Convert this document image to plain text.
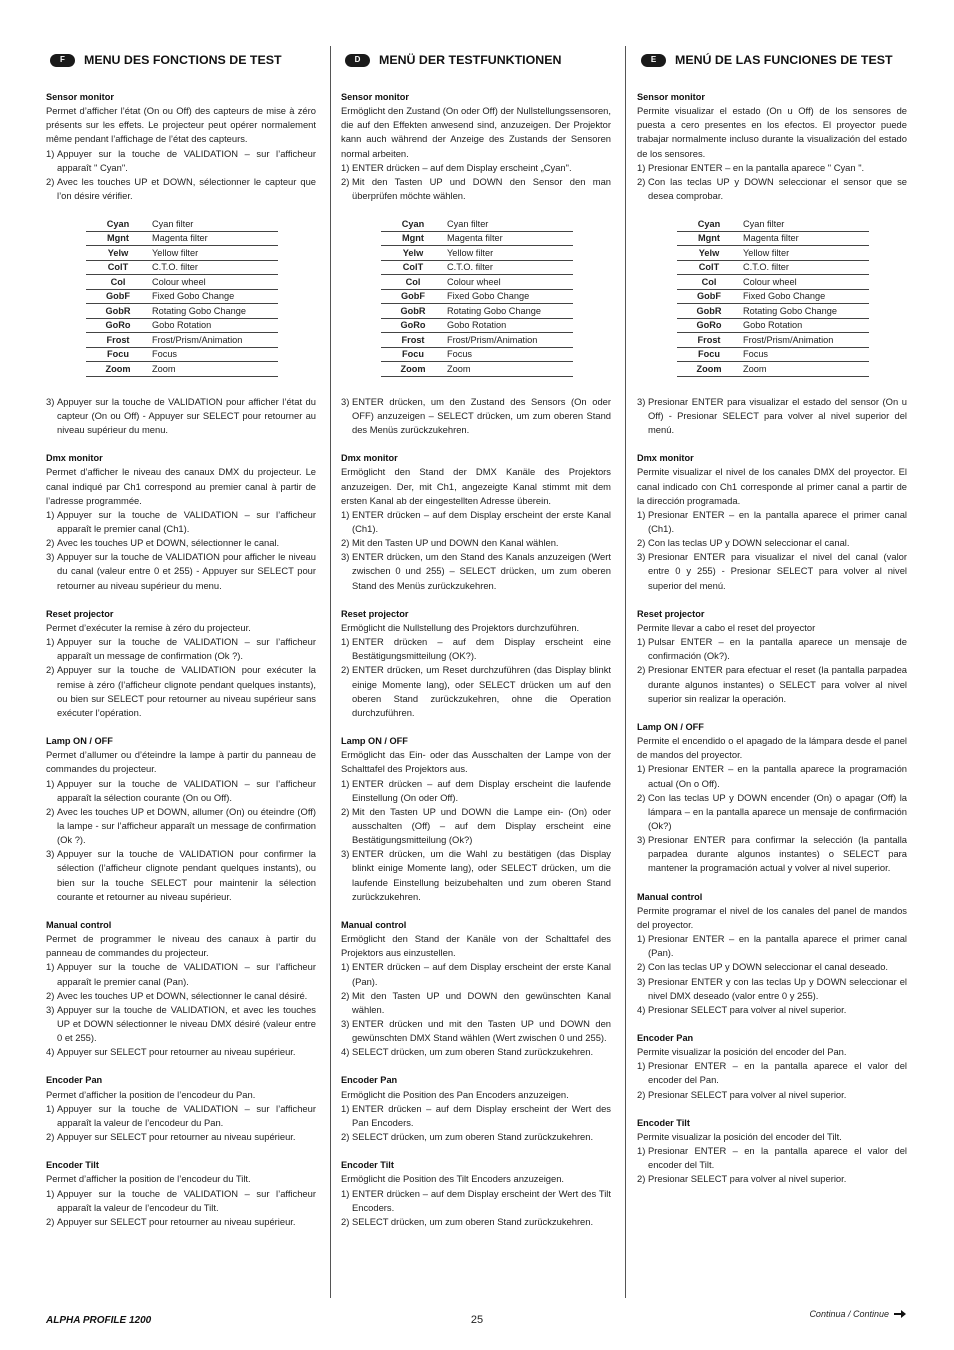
F	MENU DES FONCTIONS DE TEST
Sensor monitor

Permet d’afficher l’état (On ou Off) des capteurs de mise à zéro présents sur les effets. Le projecteur peut opérer normalement même pendant l’affichage de l’état des capteurs.

1) Appuyer sur la touche de VALIDATION – sur l’afficheur apparaît " Cyan".
2) Avec les touches UP et DOWN, sélectionner le capteur que l’on désire vérifier.
Cyan	Cyan filter
Mgnt	Magenta filter
Yelw	Yellow filter
ColT	C.T.O. filter
Col	Colour wheel
GobF	Fixed Gobo Change
GobR	Rotating Gobo Change
GoRo	Gobo Rotation
Frost	Frost/Prism/Animation
Focu	Focus
Zoom	Zoom
3) Appuyer sur la touche de VALIDATION pour afficher l’état du capteur (On ou Off) - Appuyer sur SELECT pour retourner au niveau supérieur du menu.
Dmx monitor

Permet d’afficher le niveau des canaux DMX du projecteur. Le canal indiqué par Ch1 correspond au premier canal à partir de l’adresse programmée.

1) Appuyer sur la touche de VALIDATION – sur l’afficheur apparaît le premier canal (Ch1).
2) Avec les touches UP et DOWN, sélectionner le canal.
3) Appuyer sur la touche de VALIDATION pour afficher le niveau du canal (valeur entre 0 et 255) - Appuyer sur SELECT pour retourner au niveau supérieur du menu.
Reset projector

Permet d’exécuter la remise à zéro du projecteur.

1) Appuyer sur la touche de VALIDATION – sur l’afficheur apparaît un message de confirmation (Ok ?).
2) Appuyer sur la touche de VALIDATION pour exécuter la remise à zéro (l’afficheur clignote pendant quelques instants), ou bien sur SELECT pour retourner au niveau supérieur sans exécuter l’opération.
Lamp ON / OFF

Permet d’allumer ou d’éteindre la lampe à partir du panneau de commandes du projecteur.

1) Appuyer sur la touche de VALIDATION – sur l’afficheur apparaît la sélection courante (On ou Off).
2) Avec les touches UP et DOWN, allumer (On) ou éteindre (Off) la lampe - sur l’afficheur apparaît un message de confirmation (Ok ?).
3) Appuyer sur la touche de VALIDATION pour confirmer la sélection (l’afficheur clignote pendant quelques instants), ou bien sur la touche SELECT pour maintenir la sélection courante et retourner au niveau supérieur.
Manual control

Permet de programmer le niveau des canaux à partir du panneau de commandes du projecteur.

1) Appuyer sur la touche de VALIDATION – sur l’afficheur apparaît le premier canal (Pan).
2) Avec les touches UP et DOWN, sélectionner le canal désiré.
3) Appuyer sur la touche de VALIDATION, et avec les touches UP et DOWN sélectionner le niveau DMX désiré (valeur entre 0 et 255).
4) Appuyer sur SELECT pour retourner au niveau supérieur.
Encoder Pan

Permet d’afficher la position de l’encodeur du Pan.

1) Appuyer sur la touche de VALIDATION – sur l’afficheur apparaît la valeur de l’encodeur du Pan.
2) Appuyer sur SELECT pour retourner au niveau supérieur.
Encoder Tilt

Permet d’afficher la position de l’encodeur du Tilt.

1) Appuyer sur la touche de VALIDATION – sur l’afficheur apparaît la valeur de l’encodeur du Tilt.
2) Appuyer sur SELECT pour retourner au niveau supérieur.
D	MENÜ DER TESTFUNKTIONEN
Sensor monitor

Ermöglicht den Zustand (On oder Off) der Nullstellungssensoren, die auf den Effekten anwesend sind, anzuzeigen. Der Projektor kann auch während der Anzeige des Zustands der Sensoren normal arbeiten.

1) ENTER drücken – auf dem Display erscheint „Cyan".
2) Mit den Tasten UP und DOWN den Sensor den man überprüfen möchte wählen.
Cyan	Cyan filter
Mgnt	Magenta filter
Yelw	Yellow filter
ColT	C.T.O. filter
Col	Colour wheel
GobF	Fixed Gobo Change
GobR	Rotating Gobo Change
GoRo	Gobo Rotation
Frost	Frost/Prism/Animation
Focu	Focus
Zoom	Zoom
3) ENTER drücken, um den Zustand des Sensors (On oder OFF) anzuzeigen – SELECT drücken, um zum oberen Stand des Menüs zurückzukehren.
Dmx monitor

Ermöglicht den Stand der DMX Kanäle des Projektors anzuzeigen. Der, mit Ch1, angezeigte Kanal stimmt mit dem ersten Kanal ab der eingestellten Adresse überein.

1) ENTER drücken – auf dem Display erscheint der erste Kanal (Ch1).
2) Mit den Tasten UP und DOWN den Kanal wählen.
3) ENTER drücken, um den Stand des Kanals anzuzeigen (Wert zwischen 0 und 255) – SELECT drücken, um zum oberen Stand des Menüs zurückzukehren.
Reset projector

Ermöglicht die Nullstellung des Projektors durchzuführen.

1) ENTER drücken – auf dem Display erscheint eine Bestätigungsmitteilung (OK?).
2) ENTER drücken, um Reset durchzuführen (das Display blinkt einige Momente lang), oder SELECT drücken um auf den oberen Stand zurückzukehren, ohne die Operation durchzuführen.
Lamp ON / OFF

Ermöglicht das Ein- oder das Ausschalten der Lampe von der Schalttafel des Projektors aus.

1) ENTER drücken – auf dem Display erscheint die laufende Einstellung (On oder Off).
2) Mit den Tasten UP und DOWN die Lampe ein- (On) oder ausschalten (Off) – auf dem Display erscheint eine Bestätigungsmitteilung (Ok?)
3) ENTER drücken, um die Wahl zu bestätigen (das Display blinkt einige Momente lang), oder SELECT drücken, um die laufende Einstellung beizubehalten und zum oberen Stand zurückzukehren.
Manual control

Ermöglicht den Stand der Kanäle von der Schalttafel des Projektors aus einzustellen.

1) ENTER drücken – auf dem Display erscheint der erste Kanal (Pan).
2) Mit den Tasten UP und DOWN den gewünschten Kanal wählen.
3) ENTER drücken und mit den Tasten UP und DOWN den gewünschten DMX Stand wählen (Wert zwischen 0 und 255).
4) SELECT drücken, um zum oberen Stand zurückzukehren.
Encoder Pan

Ermöglicht die Position des Pan Encoders anzuzeigen.

1) ENTER drücken – auf dem Display erscheint der Wert des Pan Encoders.
2) SELECT drücken, um zum oberen Stand zurückzukehren.
Encoder Tilt

Ermöglicht die Position des Tilt Encoders anzuzeigen.

1) ENTER drücken – auf dem Display erscheint der Wert des Tilt Encoders.
2) SELECT drücken, um zum oberen Stand zurückzukehren.
E	MENÚ DE LAS FUNCIONES DE TEST
Sensor monitor

Permite visualizar el estado (On u Off) de los sensores de puesta a cero presentes en los efectos. El proyector puede trabajar normalmente incluso durante la visualización del estado de los sensores.

1) Presionar ENTER – en la pantalla aparece " Cyan ".
2) Con las teclas UP y DOWN seleccionar el sensor que se desea comprobar.
Cyan	Cyan filter
Mgnt	Magenta filter
Yelw	Yellow filter
ColT	C.T.O. filter
Col	Colour wheel
GobF	Fixed Gobo Change
GobR	Rotating Gobo Change
GoRo	Gobo Rotation
Frost	Frost/Prism/Animation
Focu	Focus
Zoom	Zoom
3) Presionar ENTER para visualizar el estado del sensor (On u Off) - Presionar SELECT para volver al nivel superior del menú.
Dmx monitor

Permite visualizar el nivel de los canales DMX del proyector. El canal indicado con Ch1 corresponde al primer canal a partir de la dirección programada.

1) Presionar ENTER – en la pantalla aparece el primer canal (Ch1).
2) Con las teclas UP y DOWN seleccionar el canal.
3) Presionar ENTER para visualizar el nivel del canal (valor entre 0 y 255) - Presionar SELECT para volver al nivel superior del menú.
Reset projector

Permite llevar a cabo el reset del proyector

1) Pulsar ENTER – en la pantalla aparece un mensaje de confirmación (Ok?).
2) Presionar ENTER para efectuar el reset (la pantalla parpadea durante algunos instantes) o SELECT para volver al nivel superior sin realizar la operación.
Lamp ON / OFF

Permite el encendido o el apagado de la lámpara desde el panel de mandos del proyector.

1) Presionar ENTER – en la pantalla aparece la programación actual (On o Off).
2) Con las teclas UP y DOWN encender (On) o apagar (Off) la lámpara – en la pantalla aparece un mensaje de confirmación (Ok?)
3) Presionar ENTER para confirmar la selección (la pantalla parpadea durante algunos instantes) o SELECT para mantener la programación actual y volver al nivel superior.
Manual control

Permite programar el nivel de los canales del panel de mandos del proyector.

1) Presionar ENTER – en la pantalla aparece el primer canal (Pan).
2) Con las teclas UP y DOWN seleccionar el canal deseado.
3) Presionar ENTER y con las teclas Up y DOWN seleccionar el nivel DMX deseado (valor entre 0 y 255).
4) Presionar SELECT para volver al nivel superior.
Encoder Pan

Permite visualizar la posición del encoder del Pan.

1) Presionar ENTER – en la pantalla aparece el valor del encoder del Pan.
2) Presionar SELECT para volver al nivel superior.
Encoder Tilt

Permite visualizar la posición del encoder del Tilt.

1) Presionar ENTER – en la pantalla aparece el valor del encoder del Tilt.
2) Presionar SELECT para volver al nivel superior.
ALPHA PROFILE 1200	25	Continua / Continue
